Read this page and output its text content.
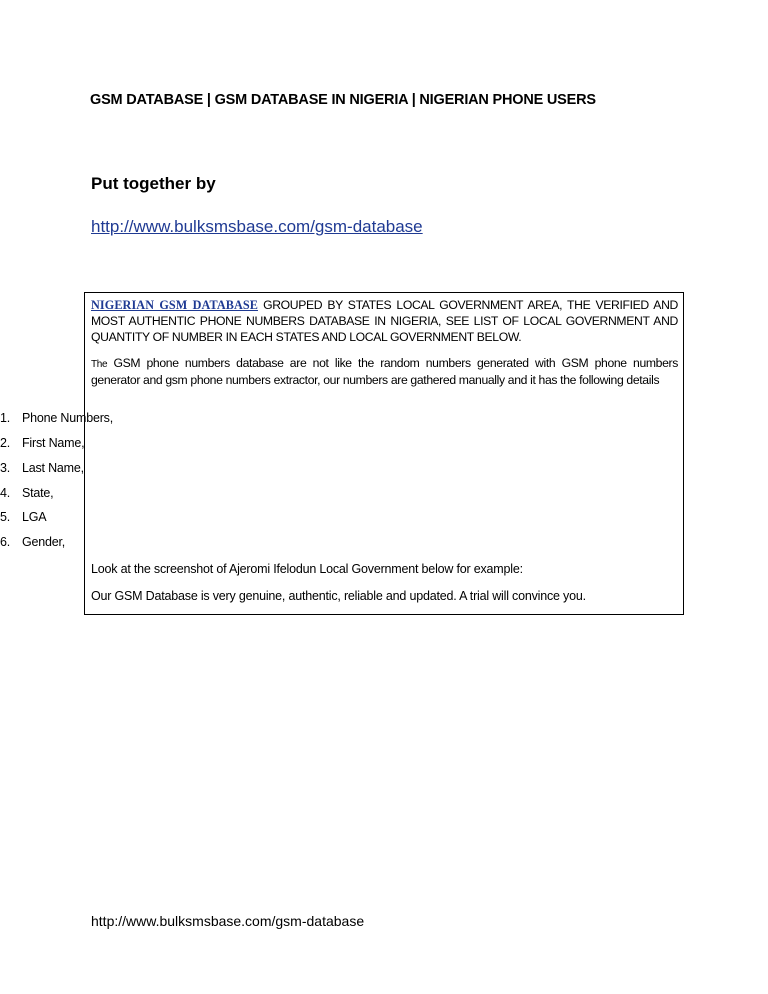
GSM DATABASE | GSM DATABASE IN NIGERIA | NIGERIAN PHONE USERS
Put together by
http://www.bulksmsbase.com/gsm-database
NIGERIAN GSM DATABASE GROUPED BY STATES LOCAL GOVERNMENT AREA, THE VERIFIED AND MOST AUTHENTIC PHONE NUMBERS DATABASE IN NIGERIA, SEE LIST OF LOCAL GOVERNMENT AND QUANTITY OF NUMBER IN EACH STATES AND LOCAL GOVERNMENT BELOW.
The GSM phone numbers database are not like the random numbers generated with GSM phone numbers generator and gsm phone numbers extractor, our numbers are gathered manually and it has the following details
1. Phone Numbers,
2. First Name,
3. Last Name,
4. State,
5. LGA
6. Gender,
Look at the screenshot of Ajeromi Ifelodun Local Government below for example:
Our GSM Database is very genuine, authentic, reliable and updated. A trial will convince you.
http://www.bulksmsbase.com/gsm-database
